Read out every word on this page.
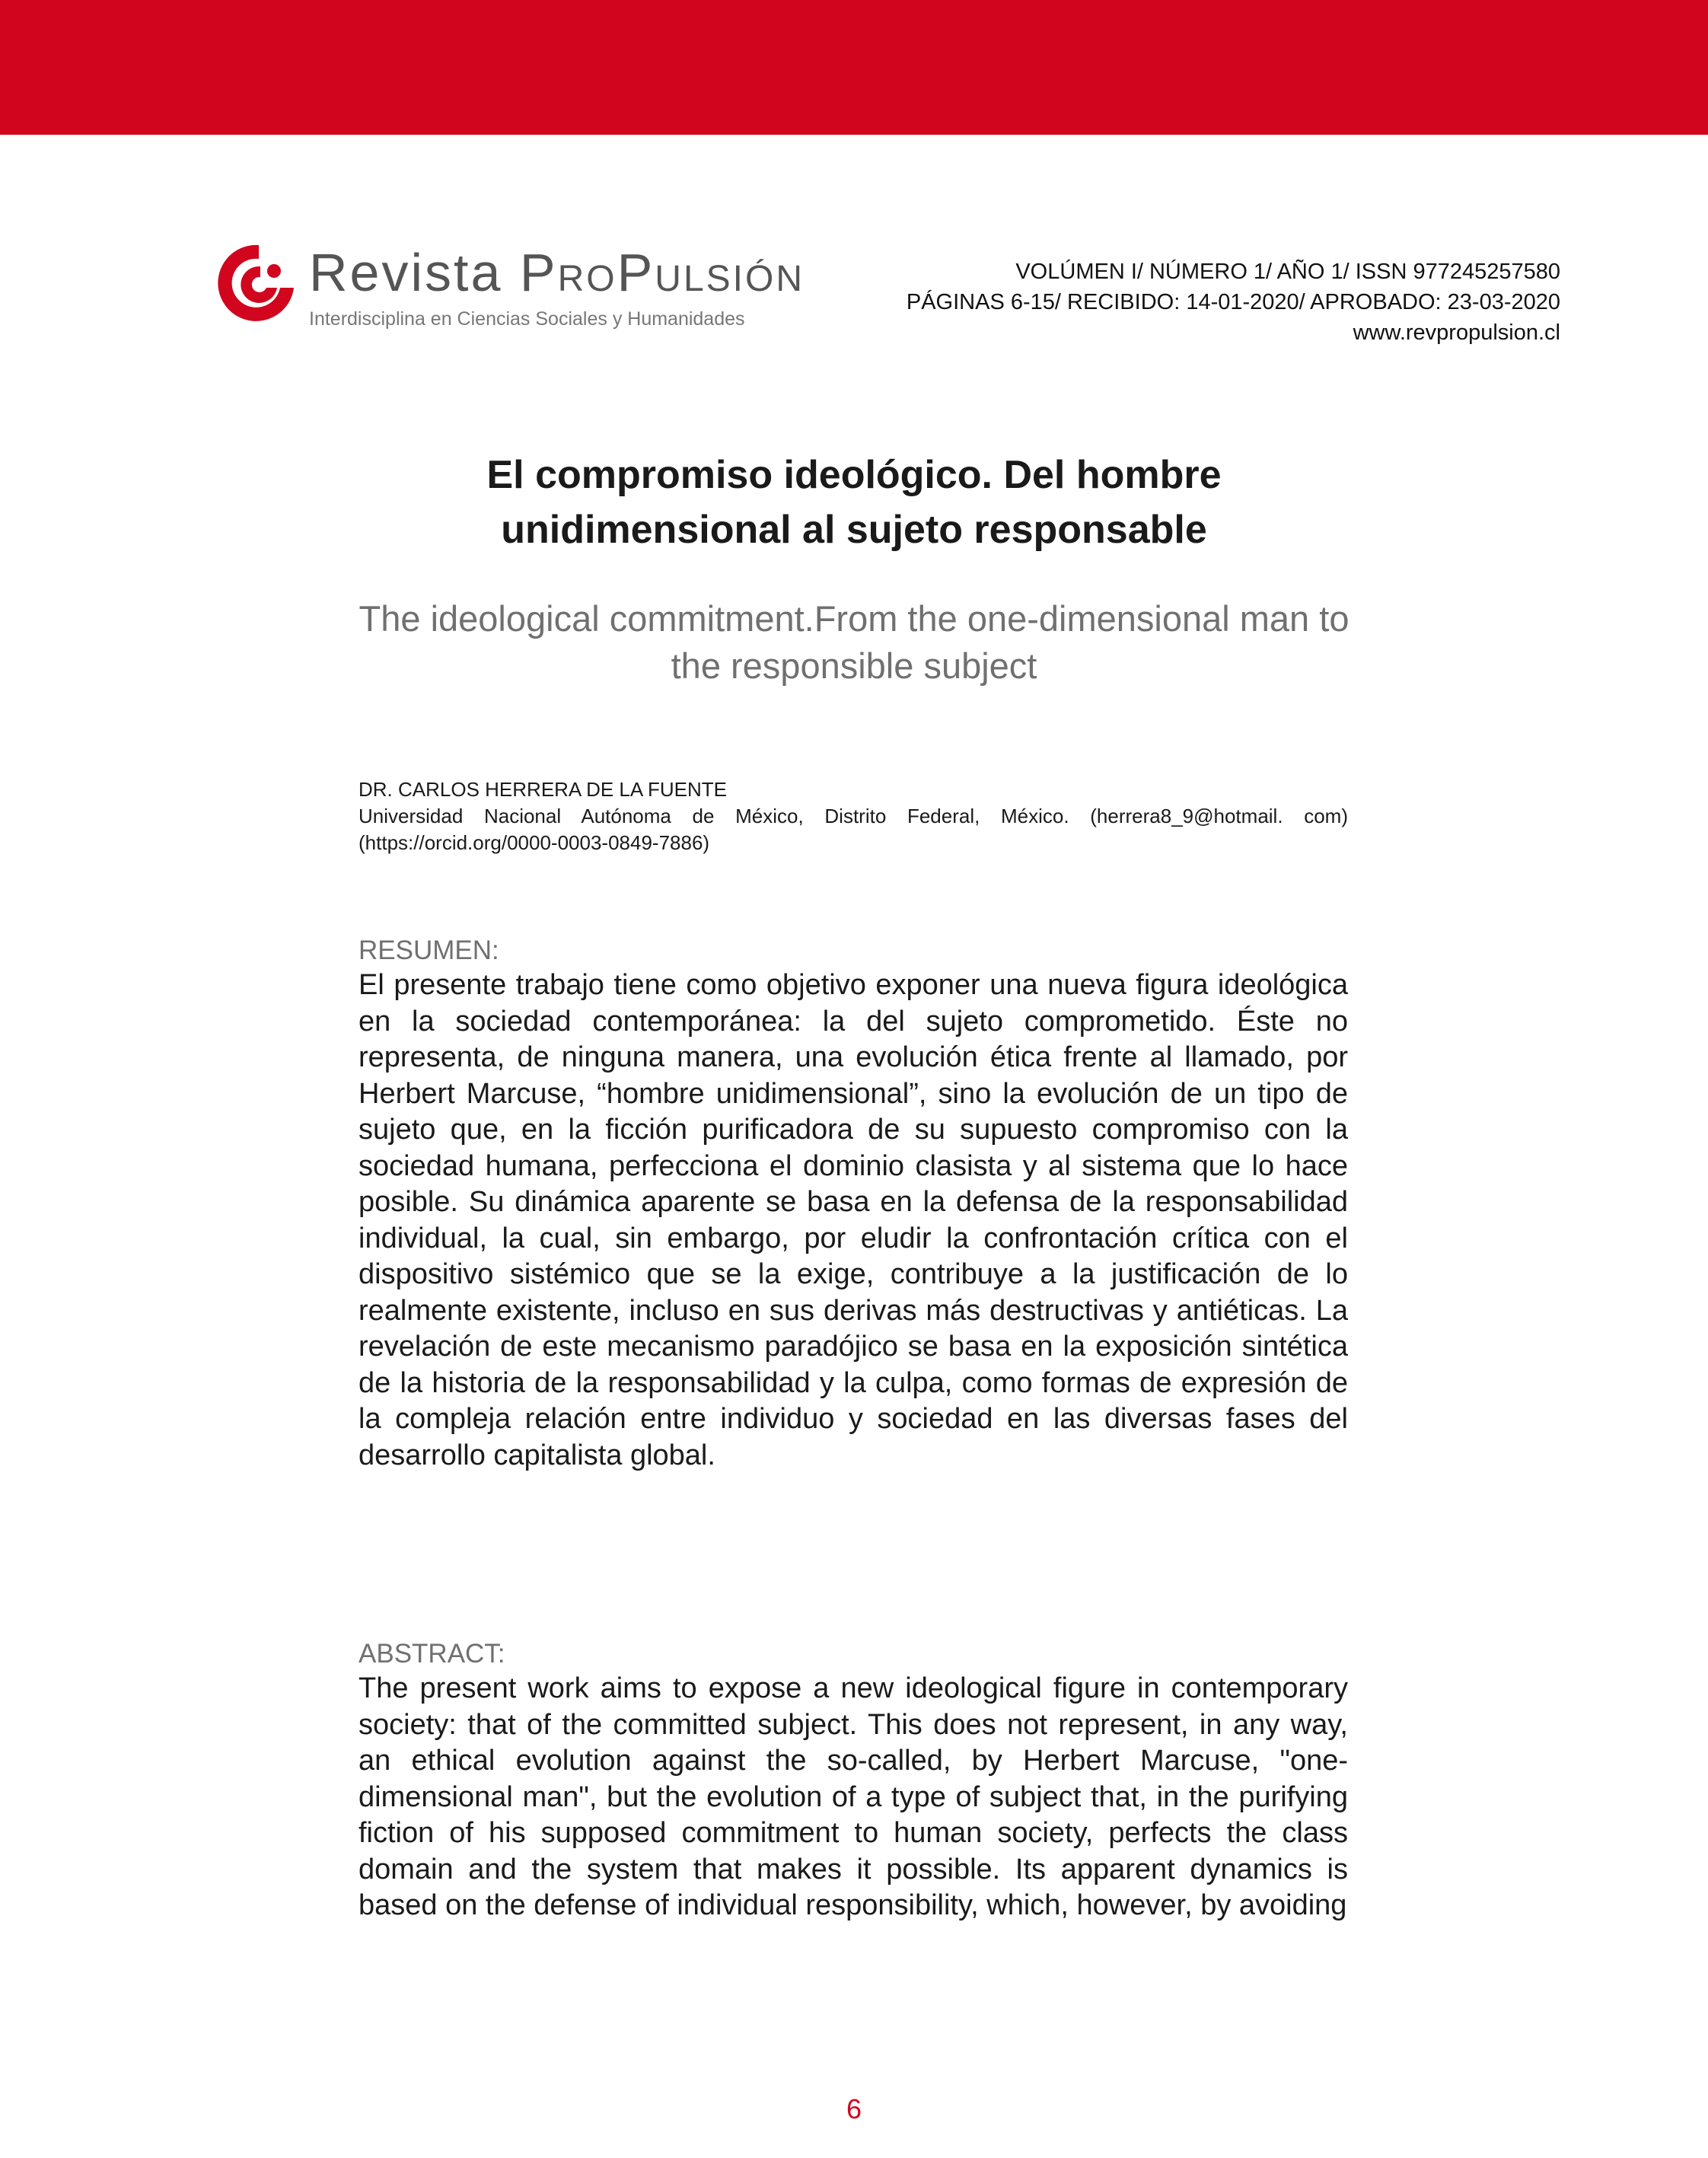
Revista PROPULSIÓN
Interdisciplina en Ciencias Sociales y Humanidades
VOLÚMEN I/ NÚMERO 1/ AÑO 1/ ISSN 977245257580
PÁGINAS 6-15/ RECIBIDO: 14-01-2020/ APROBADO: 23-03-2020
www.revpropulsion.cl
El compromiso ideológico. Del hombre
unidimensional al sujeto responsable
The ideological commitment.From the one-dimensional man to
the responsible subject
DR. CARLOS HERRERA DE LA FUENTE
Universidad Nacional Autónoma de México, Distrito Federal, México. (herrera8_9@hotmail. com) (https://orcid.org/0000-0003-0849-7886)
RESUMEN:
El presente trabajo tiene como objetivo exponer una nueva figura ideológica en la sociedad contemporánea: la del sujeto comprometido. Éste no representa, de ninguna manera, una evolución ética frente al llamado, por Herbert Marcuse, “hombre unidimensional”, sino la evolución de un tipo de sujeto que, en la ficción purificadora de su supuesto compromiso con la sociedad humana, perfecciona el dominio clasista y al sistema que lo hace posible. Su dinámica aparente se basa en la defensa de la responsabilidad individual, la cual, sin embargo, por eludir la confrontación crítica con el dispositivo sistémico que se la exige, contribuye a la justificación de lo realmente existente, incluso en sus derivas más destructivas y antiéticas. La revelación de este mecanismo paradójico se basa en la exposición sintética de la historia de la responsabilidad y la culpa, como formas de expresión de la compleja relación entre individuo y sociedad en las diversas fases del desarrollo capitalista global.
ABSTRACT:
The present work aims to expose a new ideological figure in contemporary society: that of the committed subject. This does not represent, in any way, an ethical evolution against the so-called, by Herbert Marcuse, "one-dimensional man", but the evolution of a type of subject that, in the purifying fiction of his supposed commitment to human society, perfects the class domain and the system that makes it possible. Its apparent dynamics is based on the defense of individual responsibility, which, however, by avoiding
6
